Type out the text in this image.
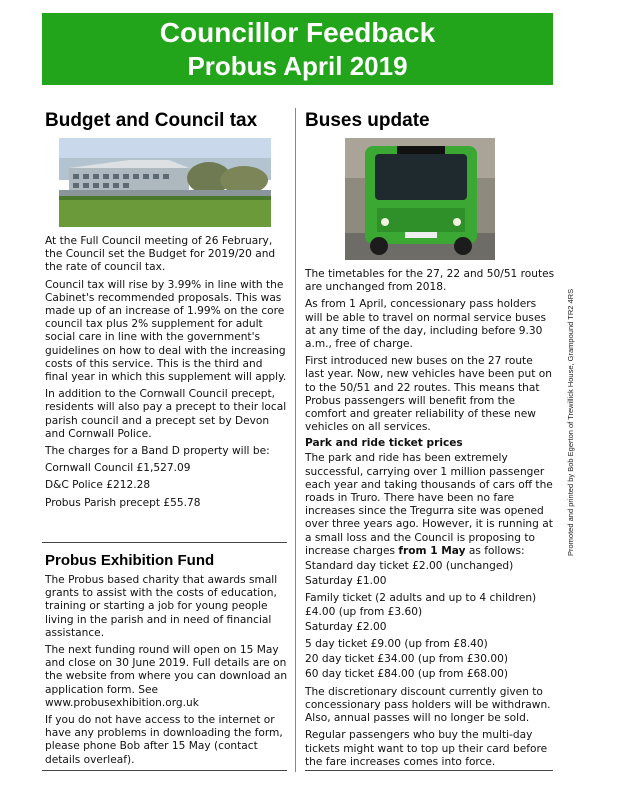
Councillor Feedback
Probus April 2019
Budget and Council tax

At the Full Council meeting of 26 February, the Council set the Budget for 2019/20 and the rate of council tax.

Council tax will rise by 3.99% in line with the Cabinet's recommended proposals. This was made up of an increase of 1.99% on the core council tax plus 2% supplement for adult social care in line with the government's guidelines on how to deal with the increasing costs of this service. This is the third and final year in which this supplement will apply.

In addition to the Cornwall Council precept, residents will also pay a precept to their local parish council and a precept set by Devon and Cornwall Police.

The charges for a Band D property will be:

Cornwall Council £1,527.09

D&C Police £212.28

Probus Parish precept £55.78

Probus Exhibition Fund

The Probus based charity that awards small grants to assist with the costs of education, training or starting a job for young people living in the parish and in need of financial assistance.

The next funding round will open on 15 May and close on 30 June 2019. Full details are on the website from where you can download an application form. See www.probusexhibition.org.uk

If you do not have access to the internet or have any problems in downloading the form, please phone Bob after 15 May (contact details overleaf).

Buses update

The timetables for the 27, 22 and 50/51 routes are unchanged from 2018.

As from 1 April, concessionary pass holders will be able to travel on normal service buses at any time of the day, including before 9.30 a.m., free of charge.

First introduced new buses on the 27 route last year. Now, new vehicles have been put on to the 50/51 and 22 routes. This means that Probus passengers will benefit from the comfort and greater reliability of these new vehicles on all services.

Park and ride ticket prices

The park and ride has been extremely successful, carrying over 1 million passenger each year and taking thousands of cars off the roads in Truro. There have been no fare increases since the Tregurra site was opened over three years ago. However, it is running at a small loss and the Council is proposing to increase charges from 1 May as follows:

Standard day ticket £2.00 (unchanged)

Saturday £1.00

Family ticket (2 adults and up to 4 children) £4.00 (up from £3.60)

Saturday £2.00

5 day ticket £9.00 (up from £8.40)

20 day ticket £34.00 (up from £30.00)

60 day ticket £84.00 (up from £68.00)

The discretionary discount currently given to concessionary pass holders will be withdrawn. Also, annual passes will no longer be sold.

Regular passengers who buy the multi-day tickets might want to top up their card before the fare increases comes into force.

Promoted and printed by Bob Egerton of Trewillick House, Grampound TR2 4RS
